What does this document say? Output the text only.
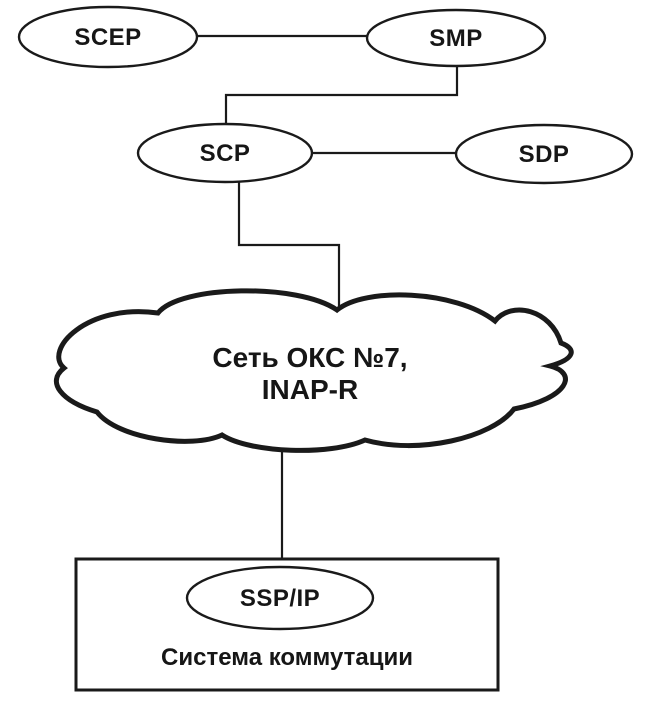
SCEP	SMP
SCP	SDP
Сеть ОКС №7,
INAP-R
SSP/IP
Система коммутации
